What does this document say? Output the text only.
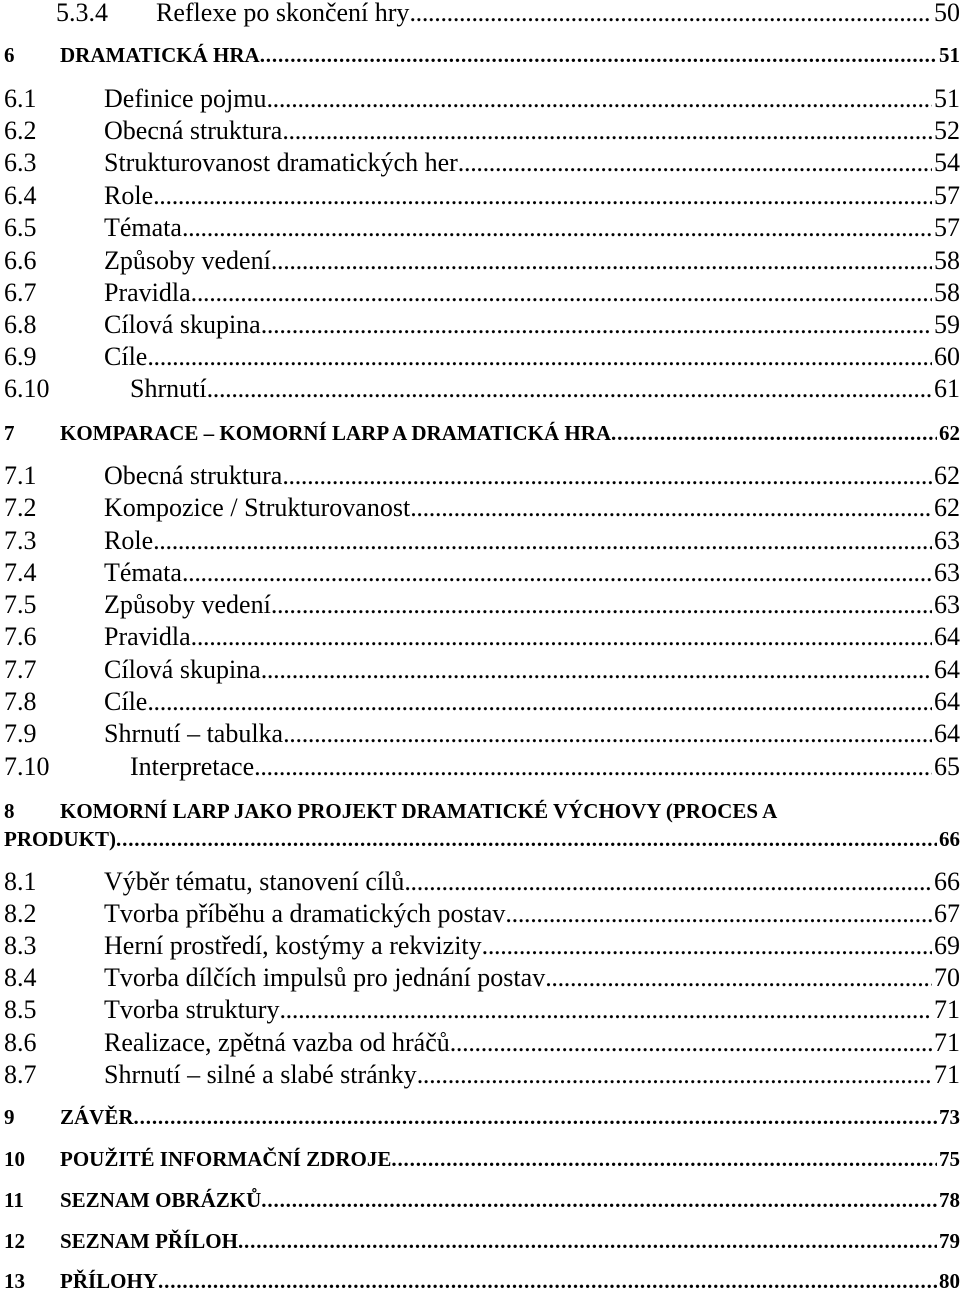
5.3.4	Reflexe po skončení hry . . .	50
6	DRAMATICKÁ HRA . . .	51
6.1	Definice pojmu . . .	51
6.2	Obecná struktura . . .	52
6.3	Strukturovanost dramatických her . . .	54
6.4	Role . . .	57
6.5	Témata . . .	57
6.6	Způsoby vedení . . .	58
6.7	Pravidla . . .	58
6.8	Cílová skupina . . .	59
6.9	Cíle . . .	60
6.10	Shrnutí . . .	61
7	KOMPARACE – KOMORNÍ LARP A DRAMATICKÁ HRA . . .	62
7.1	Obecná struktura . . .	62
7.2	Kompozice / Strukturovanost . . .	62
7.3	Role . . .	63
7.4	Témata . . .	63
7.5	Způsoby vedení . . .	63
7.6	Pravidla . . .	64
7.7	Cílová skupina . . .	64
7.8	Cíle . . .	64
7.9	Shrnutí – tabulka . . .	64
7.10	Interpretace . . .	65
8	KOMORNÍ LARP JAKO PROJEKT DRAMATICKÉ VÝCHOVY (PROCES A
PRODUKT) . . .	66
8.1	Výběr tématu, stanovení cílů . . .	66
8.2	Tvorba příběhu a dramatických postav . . .	67
8.3	Herní prostředí, kostýmy a rekvizity . . .	69
8.4	Tvorba dílčích impulsů pro jednání postav . . .	70
8.5	Tvorba struktury . . .	71
8.6	Realizace, zpětná vazba od hráčů . . .	71
8.7	Shrnutí – silné a slabé stránky . . .	71
9	ZÁVĚR . . .	73
10	POUŽITÉ INFORMAČNÍ ZDROJE . . .	75
11	SEZNAM OBRÁZKŮ . . .	78
12	SEZNAM PŘÍLOH . . .	79
13	PŘÍLOHY . . .	80
